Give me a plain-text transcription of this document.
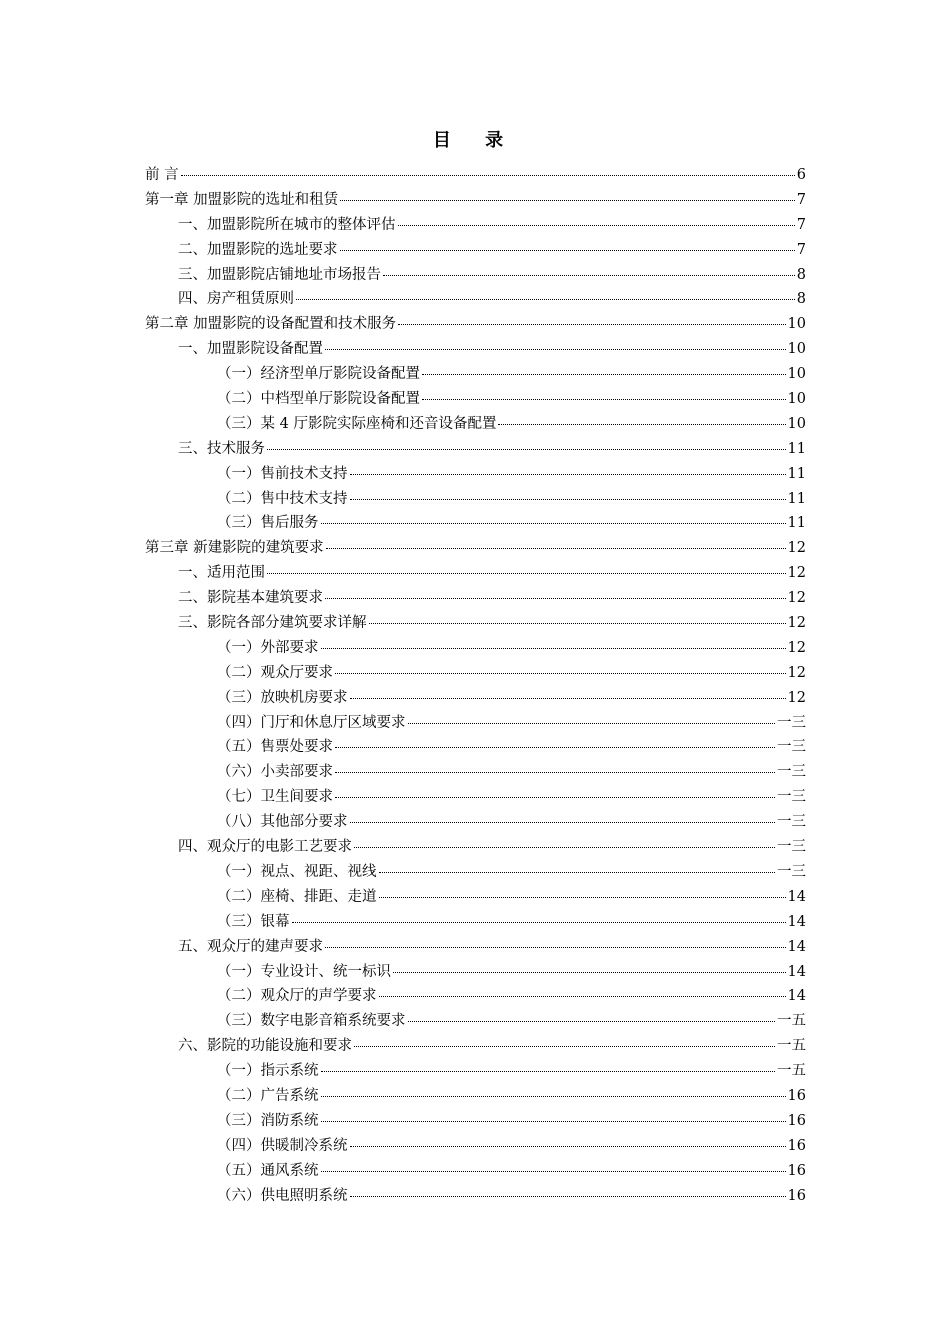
目 录
前 言	6
第一章 加盟影院的选址和租赁	7
一、加盟影院所在城市的整体评估	7
二、加盟影院的选址要求	7
三、加盟影院店铺地址市场报告	8
四、房产租赁原则	8
第二章 加盟影院的设备配置和技术服务	10
一、加盟影院设备配置	10
（一）经济型单厅影院设备配置	10
（二）中档型单厅影院设备配置	10
（三）某 4 厅影院实际座椅和还音设备配置	10
三、技术服务	11
（一）售前技术支持	11
（二）售中技术支持	11
（三）售后服务	11
第三章 新建影院的建筑要求	12
一、适用范围	12
二、影院基本建筑要求	12
三、影院各部分建筑要求详解	12
（一）外部要求	12
（二）观众厅要求	12
（三）放映机房要求	12
（四）门厅和休息厅区域要求	一三
（五）售票处要求	一三
（六）小卖部要求	一三
（七）卫生间要求	一三
（八）其他部分要求	一三
四、观众厅的电影工艺要求	一三
（一）视点、视距、视线	一三
（二）座椅、排距、走道	14
（三）银幕	14
五、观众厅的建声要求	14
（一）专业设计、统一标识	14
（二）观众厅的声学要求	14
（三）数字电影音箱系统要求	一五
六、影院的功能设施和要求	一五
（一）指示系统	一五
（二）广告系统	16
（三）消防系统	16
（四）供暖制冷系统	16
（五）通风系统	16
（六）供电照明系统	16
